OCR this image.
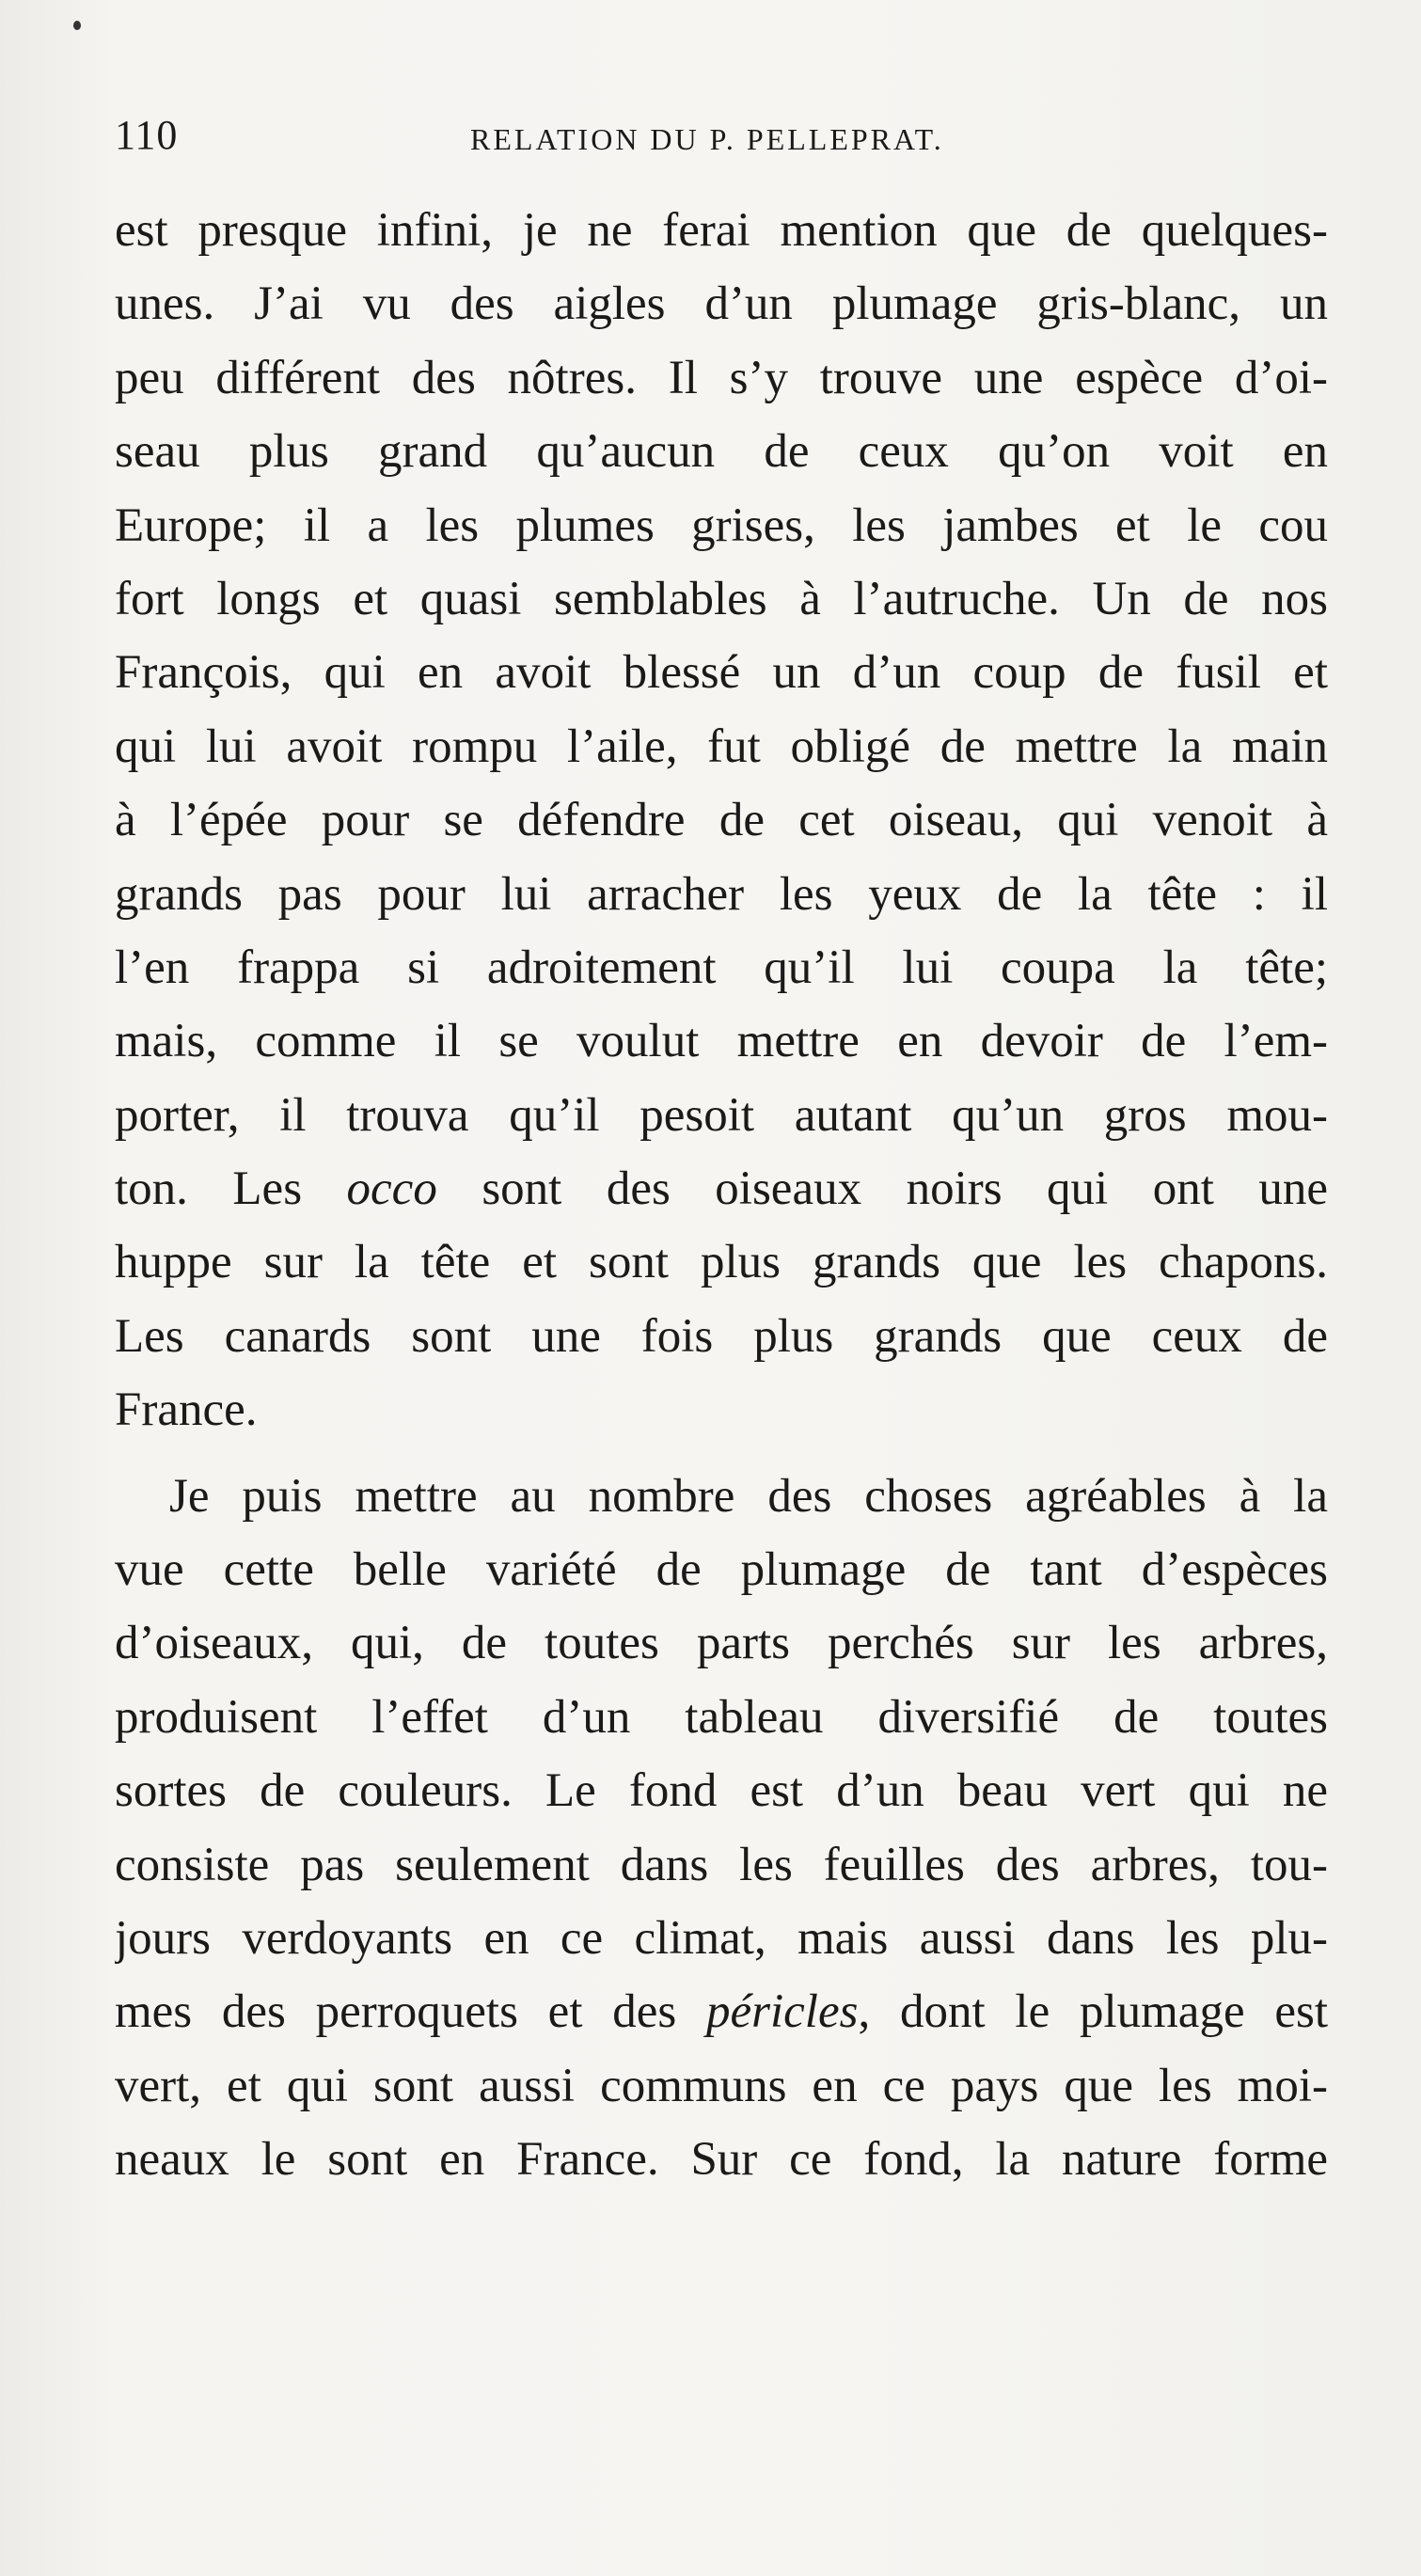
110	RELATION DU P. PELLEPRAT.
est presque infini, je ne ferai mention que de quelques-
unes. J’ai vu des aigles d’un plumage gris-blanc, un
peu différent des nôtres. Il s’y trouve une espèce d’oi-
seau plus grand qu’aucun de ceux qu’on voit en
Europe; il a les plumes grises, les jambes et le cou
fort longs et quasi semblables à l’autruche. Un de nos
François, qui en avoit blessé un d’un coup de fusil et
qui lui avoit rompu l’aile, fut obligé de mettre la main
à l’épée pour se défendre de cet oiseau, qui venoit à
grands pas pour lui arracher les yeux de la tête : il
l’en frappa si adroitement qu’il lui coupa la tête;
mais, comme il se voulut mettre en devoir de l’em-
porter, il trouva qu’il pesoit autant qu’un gros mou-
ton. Les occo sont des oiseaux noirs qui ont une
huppe sur la tête et sont plus grands que les chapons.
Les canards sont une fois plus grands que ceux de
France.
Je puis mettre au nombre des choses agréables à la
vue cette belle variété de plumage de tant d’espèces
d’oiseaux, qui, de toutes parts perchés sur les arbres,
produisent l’effet d’un tableau diversifié de toutes
sortes de couleurs. Le fond est d’un beau vert qui ne
consiste pas seulement dans les feuilles des arbres, tou-
jours verdoyants en ce climat, mais aussi dans les plu-
mes des perroquets et des péricles, dont le plumage est
vert, et qui sont aussi communs en ce pays que les moi-
neaux le sont en France. Sur ce fond, la nature forme
